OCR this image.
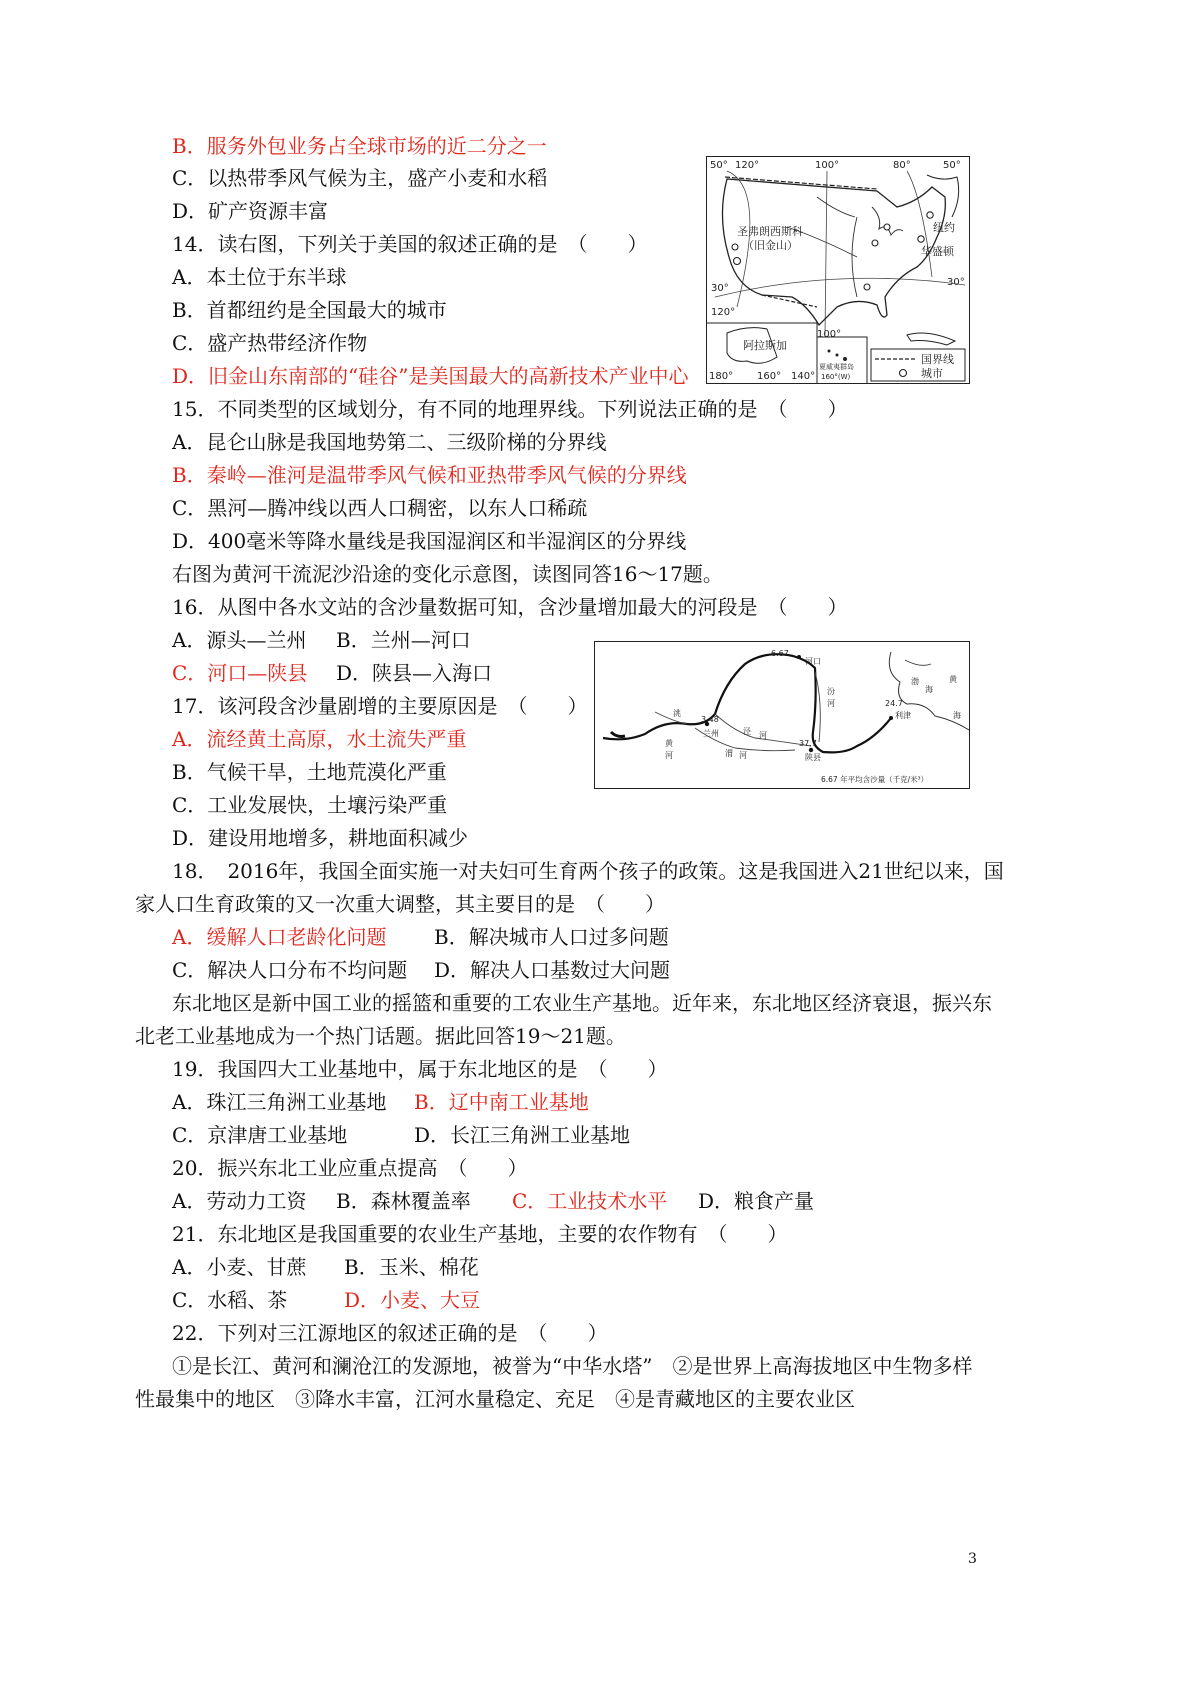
B．服务外包业务占全球市场的近二分之一
C．以热带季风气候为主，盛产小麦和水稻
D．矿产资源丰富
14．读右图，下列关于美国的叙述正确的是　（　　）
A．本土位于东半球
B．首都纽约是全国最大的城市
C．盛产热带经济作物
D．旧金山东南部的“硅谷”是美国最大的高新技术产业中心
15．不同类型的区域划分，有不同的地理界线。下列说法正确的是　（　　）
A．昆仑山脉是我国地势第二、三级阶梯的分界线
B．秦岭—淮河是温带季风气候和亚热带季风气候的分界线
C．黑河—腾冲线以西人口稠密，以东人口稀疏
D．400毫米等降水量线是我国湿润区和半湿润区的分界线
右图为黄河干流泥沙沿途的变化示意图，读图同答16～17题。
16．从图中各水文站的含沙量数据可知，含沙量增加最大的河段是　（　　）
A．源头—兰州 B．兰州—河口
C．河口—陕县 D．陕县—入海口
17．该河段含沙量剧增的主要原因是　（　　）
A．流经黄土高原，水土流失严重
B．气候干旱，土地荒漠化严重
C．工业发展快，土壤污染严重
D．建设用地增多，耕地面积减少
18．　2016年，我国全面实施一对夫妇可生育两个孩子的政策。这是我国进入21世纪以来，国
家人口生育政策的又一次重大调整，其主要目的是　（　　）
A．缓解人口老龄化问题 B．解决城市人口过多问题
C．解决人口分布不均问题 D．解决人口基数过大问题
东北地区是新中国工业的摇篮和重要的工农业生产基地。近年来，东北地区经济衰退，振兴东
北老工业基地成为一个热门话题。据此回答19～21题。
19．我国四大工业基地中，属于东北地区的是　（　　）
A．珠江三角洲工业基地 B．辽中南工业基地
C．京津唐工业基地	D．长江三角洲工业基地
20．振兴东北工业应重点提高　（　　）
A．劳动力工资 B．森林覆盖率 C．工业技术水平 D．粮食产量
21．东北地区是我国重要的农业生产基地，主要的农作物有　（　　）
A．小麦、甘蔗 B．玉米、棉花
C．水稻、茶	D．小麦、大豆
22．下列对三江源地区的叙述正确的是　（　　）
①是长江、黄河和澜沧江的发源地，被誉为“中华水塔”　②是世界上高海拔地区中生物多样
性最集中的地区　③降水丰富，江河水量稳定、充足　④是青藏地区的主要农业区
50° 120°	100°	80°	50°
30°
30°
120°
100°
180° 160° 140°
圣弗朗西斯科
（旧金山）
纽约
华盛顿
阿拉斯加
夏威夷群岛
160°(W)
国界线
城市
6.67
河口
3.48
兰州
37.7
陕县
24.7
利津
黄
河
汾
河
泾 河
渭 河
洮
渤
海
黄
海
6.67 年平均含沙量（千克/米³）
3
